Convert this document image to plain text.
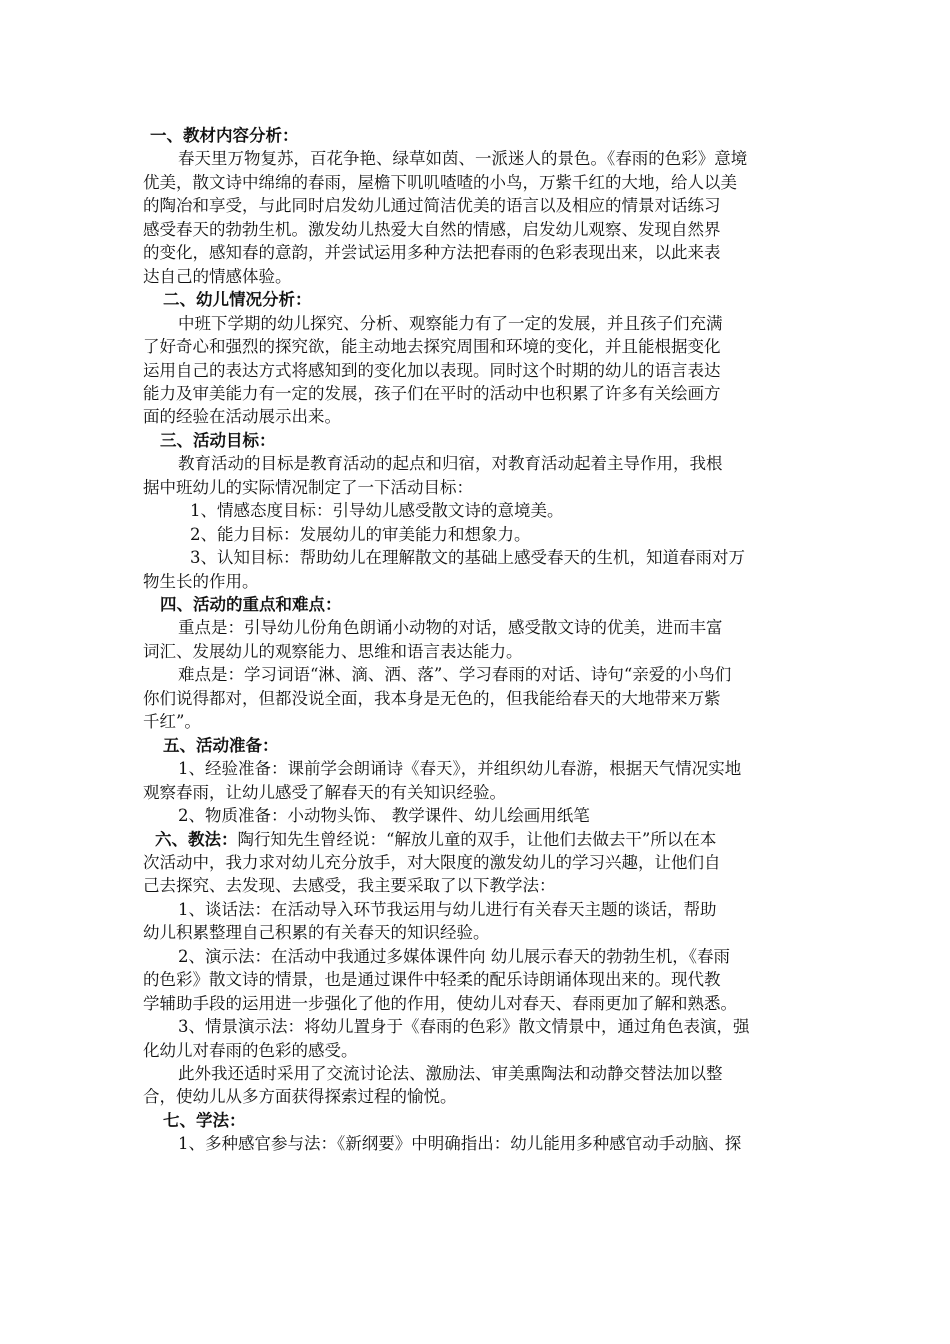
一、教材内容分析：
春天里万物复苏，百花争艳、绿草如茵、一派迷人的景色。《春雨的色彩》意境
优美，散文诗中绵绵的春雨，屋檐下叽叽喳喳的小鸟，万紫千红的大地，给人以美
的陶冶和享受，与此同时启发幼儿通过简洁优美的语言以及相应的情景对话练习
感受春天的勃勃生机。激发幼儿热爱大自然的情感，启发幼儿观察、发现自然界
的变化，感知春的意韵，并尝试运用多种方法把春雨的色彩表现出来，以此来表
达自己的情感体验。
二、幼儿情况分析：
中班下学期的幼儿探究、分析、观察能力有了一定的发展，并且孩子们充满
了好奇心和强烈的探究欲，能主动地去探究周围和环境的变化，并且能根据变化
运用自己的表达方式将感知到的变化加以表现。同时这个时期的幼儿的语言表达
能力及审美能力有一定的发展，孩子们在平时的活动中也积累了许多有关绘画方
面的经验在活动展示出来。
三、活动目标：
教育活动的目标是教育活动的起点和归宿，对教育活动起着主导作用，我根
据中班幼儿的实际情况制定了一下活动目标：
1、情感态度目标：引导幼儿感受散文诗的意境美。
2、能力目标：发展幼儿的审美能力和想象力。
3、认知目标：帮助幼儿在理解散文的基础上感受春天的生机，知道春雨对万
物生长的作用。
四、活动的重点和难点：
重点是：引导幼儿份角色朗诵小动物的对话，感受散文诗的优美，进而丰富
词汇、发展幼儿的观察能力、思维和语言表达能力。
难点是：学习词语“淋、滴、洒、落”、学习春雨的对话、诗句“亲爱的小鸟们
你们说得都对，但都没说全面，我本身是无色的，但我能给春天的大地带来万紫
千红”。
五、活动准备：
1、经验准备：课前学会朗诵诗《春天》，并组织幼儿春游，根据天气情况实地
观察春雨，让幼儿感受了解春天的有关知识经验。
2、物质准备：小动物头饰、 教学课件、幼儿绘画用纸笔
六、教法：陶行知先生曾经说：“解放儿童的双手，让他们去做去干”所以在本
次活动中，我力求对幼儿充分放手，对大限度的激发幼儿的学习兴趣，让他们自
己去探究、去发现、去感受，我主要采取了以下教学法：
1、谈话法：在活动导入环节我运用与幼儿进行有关春天主题的谈话，帮助
幼儿积累整理自己积累的有关春天的知识经验。
2、演示法：在活动中我通过多媒体课件向 幼儿展示春天的勃勃生机，《春雨
的色彩》散文诗的情景，也是通过课件中轻柔的配乐诗朗诵体现出来的。现代教
学辅助手段的运用进一步强化了他的作用，使幼儿对春天、春雨更加了解和熟悉。
3、情景演示法：将幼儿置身于《春雨的色彩》散文情景中，通过角色表演，强
化幼儿对春雨的色彩的感受。
此外我还适时采用了交流讨论法、激励法、审美熏陶法和动静交替法加以整
合，使幼儿从多方面获得探索过程的愉悦。
七、学法：
1、多种感官参与法：《新纲要》中明确指出：幼儿能用多种感官动手动脑、探
